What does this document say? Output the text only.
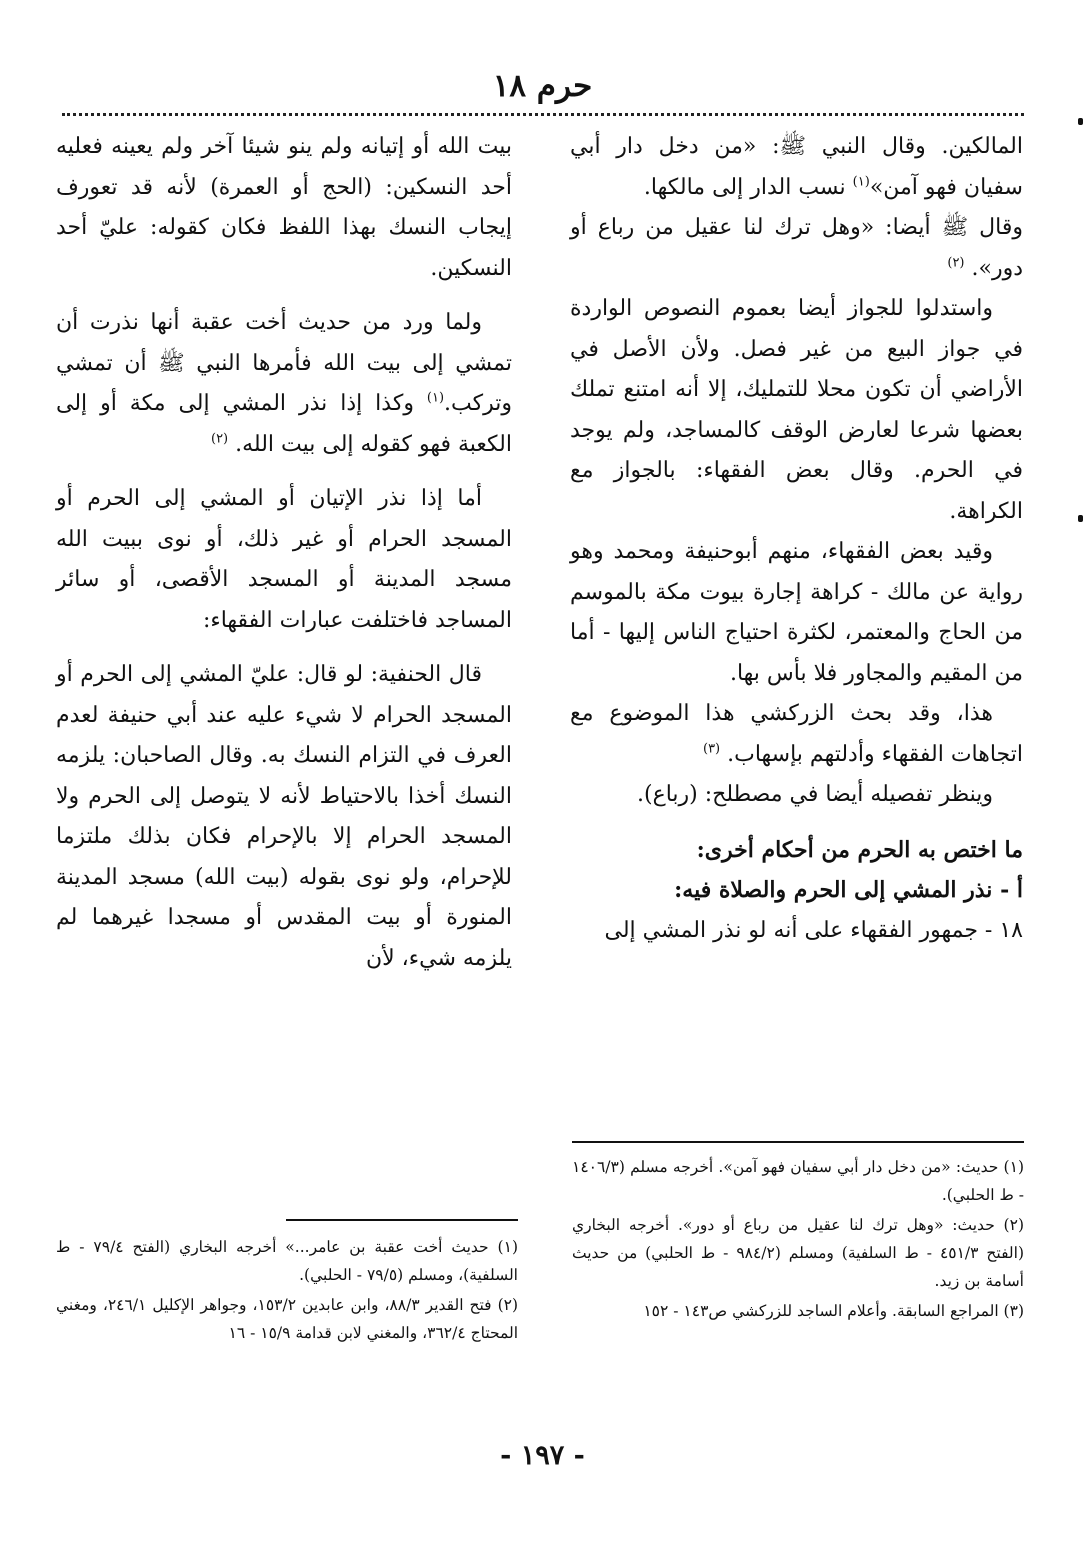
حرم ١٨

المالكين. وقال النبي ﷺ: «من دخل دار أبي سفيان فهو آمن»$^{(١)}$ نسب الدار إلى مالكها.

وقال ﷺ أيضا: «وهل ترك لنا عقيل من رباع أو دور». $^{(٢)}$

واستدلوا للجواز أيضا بعموم النصوص الواردة في جواز البيع من غير فصل. ولأن الأصل في الأراضي أن تكون محلا للتمليك، إلا أنه امتنع تملك بعضها شرعا لعارض الوقف كالمساجد، ولم يوجد في الحرم. وقال بعض الفقهاء: بالجواز مع الكراهة.

وقيد بعض الفقهاء، منهم أبوحنيفة ومحمد وهو رواية عن مالك - كراهة إجارة بيوت مكة بالموسم من الحاج والمعتمر، لكثرة احتياج الناس إليها - أما من المقيم والمجاور فلا بأس بها.

هذا، وقد بحث الزركشي هذا الموضوع مع اتجاهات الفقهاء وأدلتهم بإسهاب. $^{(٣)}$

وينظر تفصيله أيضا في مصطلح: (رباع).

ما اختص به الحرم من أحكام أخرى:

أ - نذر المشي إلى الحرم والصلاة فيه:

١٨ - جمهور الفقهاء على أنه لو نذر المشي إلى

بيت الله أو إتيانه ولم ينو شيئا آخر ولم يعينه فعليه أحد النسكين: (الحج أو العمرة) لأنه قد تعورف إيجاب النسك بهذا اللفظ فكان كقوله: عليّ أحد النسكين.

ولما ورد من حديث أخت عقبة أنها نذرت أن تمشي إلى بيت الله فأمرها النبي ﷺ أن تمشي وتركب.$^{(١)}$ وكذا إذا نذر المشي إلى مكة أو إلى الكعبة فهو كقوله إلى بيت الله. $^{(٢)}$

أما إذا نذر الإتيان أو المشي إلى الحرم أو المسجد الحرام أو غير ذلك، أو نوى ببيت الله مسجد المدينة أو المسجد الأقصى، أو سائر المساجد فاختلفت عبارات الفقهاء:

قال الحنفية: لو قال: عليّ المشي إلى الحرم أو المسجد الحرام لا شيء عليه عند أبي حنيفة لعدم العرف في التزام النسك به. وقال الصاحبان: يلزمه النسك أخذا بالاحتياط لأنه لا يتوصل إلى الحرم ولا المسجد الحرام إلا بالإحرام فكان بذلك ملتزما للإحرام، ولو نوى بقوله (بيت الله) مسجد المدينة المنورة أو بيت المقدس أو مسجدا غيرهما لم يلزمه شيء، لأن

(١) حديث: «من دخل دار أبي سفيان فهو آمن». أخرجه مسلم (١٤٠٦/٣ - ط الحلبي).

(٢) حديث: «وهل ترك لنا عقيل من رباع أو دور». أخرجه البخاري (الفتح ٤٥١/٣ - ط السلفية) ومسلم (٩٨٤/٢ - ط الحلبي) من حديث أسامة بن زيد.

(٣) المراجع السابقة. وأعلام الساجد للزركشي ص١٤٣ - ١٥٢

(١) حديث أخت عقبة بن عامر...» أخرجه البخاري (الفتح ٧٩/٤ - ط السلفية)، ومسلم (٧٩/٥ - الحلبي).

(٢) فتح القدير ٨٨/٣، وابن عابدين ١٥٣/٢، وجواهر الإكليل ٢٤٦/١، ومغني المحتاج ٣٦٢/٤، والمغني لابن قدامة ١٥/٩ - ١٦

- ١٩٧ -
